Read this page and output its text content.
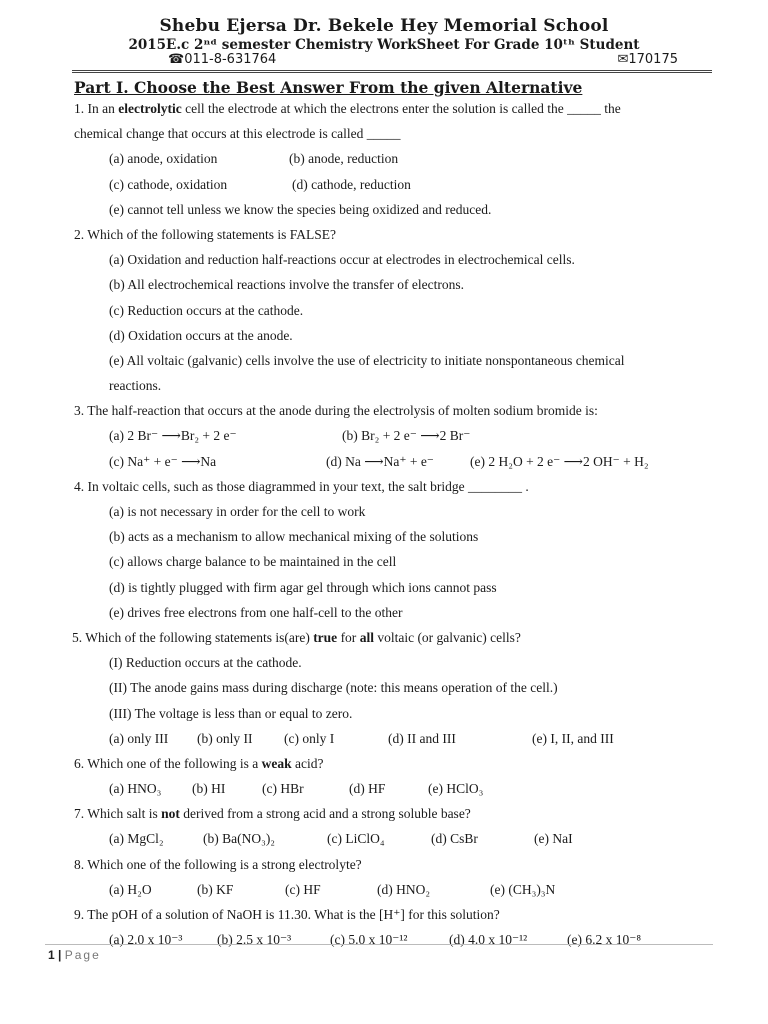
Shebu Ejersa Dr. Bekele Hey Memorial School
2015E.c 2ⁿᵈ semester Chemistry WorkSheet For Grade 10ᵗʰ Student
☎011-8-631764	✉170175
Part I. Choose the Best Answer From the given Alternative
1. In an electrolytic cell the electrode at which the electrons enter the solution is called the _____ the
chemical change that occurs at this electrode is called _____
(a) anode, oxidation	(b) anode, reduction
(c) cathode, oxidation	(d) cathode, reduction
(e) cannot tell unless we know the species being oxidized and reduced.
2. Which of the following statements is FALSE?
(a) Oxidation and reduction half-reactions occur at electrodes in electrochemical cells.
(b) All electrochemical reactions involve the transfer of electrons.
(c) Reduction occurs at the cathode.
(d) Oxidation occurs at the anode.
(e) All voltaic (galvanic) cells involve the use of electricity to initiate nonspontaneous chemical
reactions.
3. The half-reaction that occurs at the anode during the electrolysis of molten sodium bromide is:
(a) 2 Br⁻ ⟶Br₂ + 2 e⁻	(b) Br₂ + 2 e⁻ ⟶2 Br⁻
(c) Na⁺ + e⁻ ⟶Na	(d) Na ⟶Na⁺ + e⁻	(e) 2 H₂O + 2 e⁻ ⟶2 OH⁻ + H₂
4. In voltaic cells, such as those diagrammed in your text, the salt bridge ________ .
(a) is not necessary in order for the cell to work
(b) acts as a mechanism to allow mechanical mixing of the solutions
(c) allows charge balance to be maintained in the cell
(d) is tightly plugged with firm agar gel through which ions cannot pass
(e) drives free electrons from one half-cell to the other
5. Which of the following statements is(are) true for all voltaic (or galvanic) cells?
(I) Reduction occurs at the cathode.
(II) The anode gains mass during discharge (note: this means operation of the cell.)
(III) The voltage is less than or equal to zero.
(a) only III (b) only II (c) only I	(d) II and III	(e) I, II, and III
6. Which one of the following is a weak acid?
(a) HNO₃ (b) HI	(c) HBr	(d) HF	(e) HClO₃
7. Which salt is not derived from a strong acid and a strong soluble base?
(a) MgCl₂	(b) Ba(NO₃)₂	(c) LiClO₄	(d) CsBr	(e) NaI
8. Which one of the following is a strong electrolyte?
(a) H₂O	(b) KF	(c) HF	(d) HNO₂	(e) (CH₃)₃N
9. The pOH of a solution of NaOH is 11.30. What is the [H⁺] for this solution?
(a) 2.0 x 10⁻³	(b) 2.5 x 10⁻³	(c) 5.0 x 10⁻¹²	(d) 4.0 x 10⁻¹²	(e) 6.2 x 10⁻⁸
1 | Page
